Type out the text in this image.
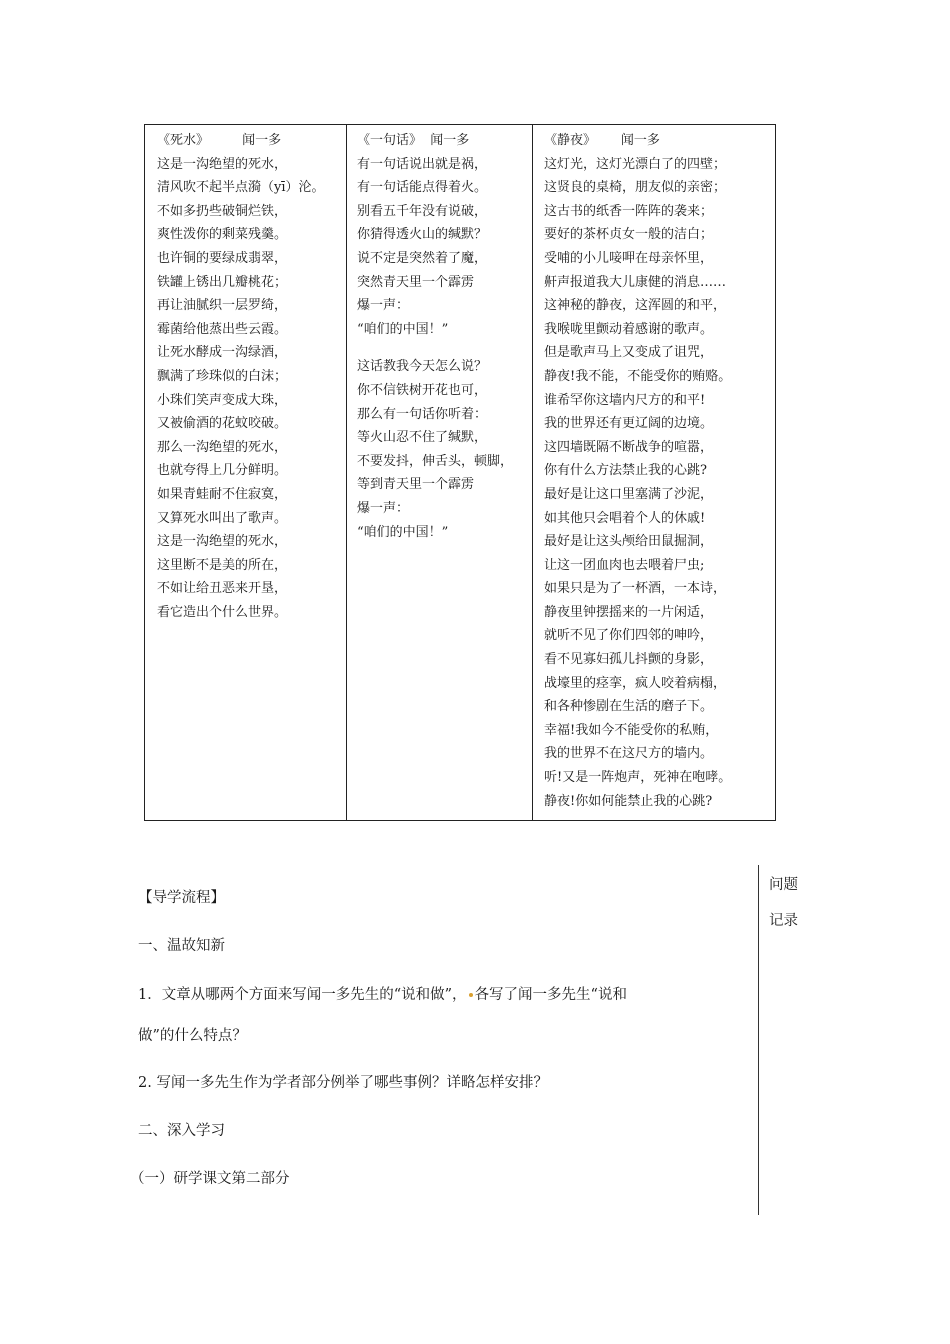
《死水》	闻一多
这是一沟绝望的死水，
清风吹不起半点漪（yī）沦。
不如多扔些破铜烂铁，
爽性泼你的剩菜残羹。
也许铜的要绿成翡翠，
铁罐上锈出几瓣桃花；
再让油腻织一层罗绮，
霉菌给他蒸出些云霞。
让死水酵成一沟绿酒，
飘满了珍珠似的白沫；
小珠们笑声变成大珠，
又被偷酒的花蚊咬破。
那么一沟绝望的死水，
也就夸得上几分鲜明。
如果青蛙耐不住寂寞，
又算死水叫出了歌声。
这是一沟绝望的死水，
这里断不是美的所在，
不如让给丑恶来开垦，
看它造出个什么世界。
《一句话》 闻一多
有一句话说出就是祸，
有一句话能点得着火。
别看五千年没有说破，
你猜得透火山的缄默？
说不定是突然着了魔，
突然青天里一个霹雳
爆一声：
“咱们的中国！”
这话教我今天怎么说？
你不信铁树开花也可，
那么有一句话你听着：
等火山忍不住了缄默，
不要发抖，伸舌头，顿脚，
等到青天里一个霹雳
爆一声：
“咱们的中国！”
《静夜》 闻一多
这灯光，这灯光漂白了的四壁；
这贤良的桌椅，朋友似的亲密；
这古书的纸香一阵阵的袭来；
要好的茶杯贞女一般的洁白；
受哺的小儿唼呷在母亲怀里，
鼾声报道我大儿康健的消息……
这神秘的静夜，这浑圆的和平，
我喉咙里颤动着感谢的歌声。
但是歌声马上又变成了诅咒，
静夜!我不能，不能受你的贿赂。
谁希罕你这墙内尺方的和平!
我的世界还有更辽阔的边境。
这四墙既隔不断战争的喧嚣，
你有什么方法禁止我的心跳?
最好是让这口里塞满了沙泥，
如其他只会唱着个人的休戚!
最好是让这头颅给田鼠掘洞，
让这一团血肉也去喂着尸虫;
如果只是为了一杯酒，一本诗，
静夜里钟摆摇来的一片闲适，
就听不见了你们四邻的呻吟，
看不见寡妇孤儿抖颤的身影，
战壕里的痉挛，疯人咬着病榻，
和各种惨剧在生活的磨子下。
幸福!我如今不能受你的私贿，
我的世界不在这尺方的墙内。
听!又是一阵炮声，死神在咆哮。
静夜!你如何能禁止我的心跳?
问题
记录
【导学流程】
一、温故知新
1．文章从哪两个方面来写闻一多先生的“说和做”， 各写了闻一多先生“说和
做”的什么特点？
2. 写闻一多先生作为学者部分例举了哪些事例？详略怎样安排？
二、深入学习
（一）研学课文第二部分
